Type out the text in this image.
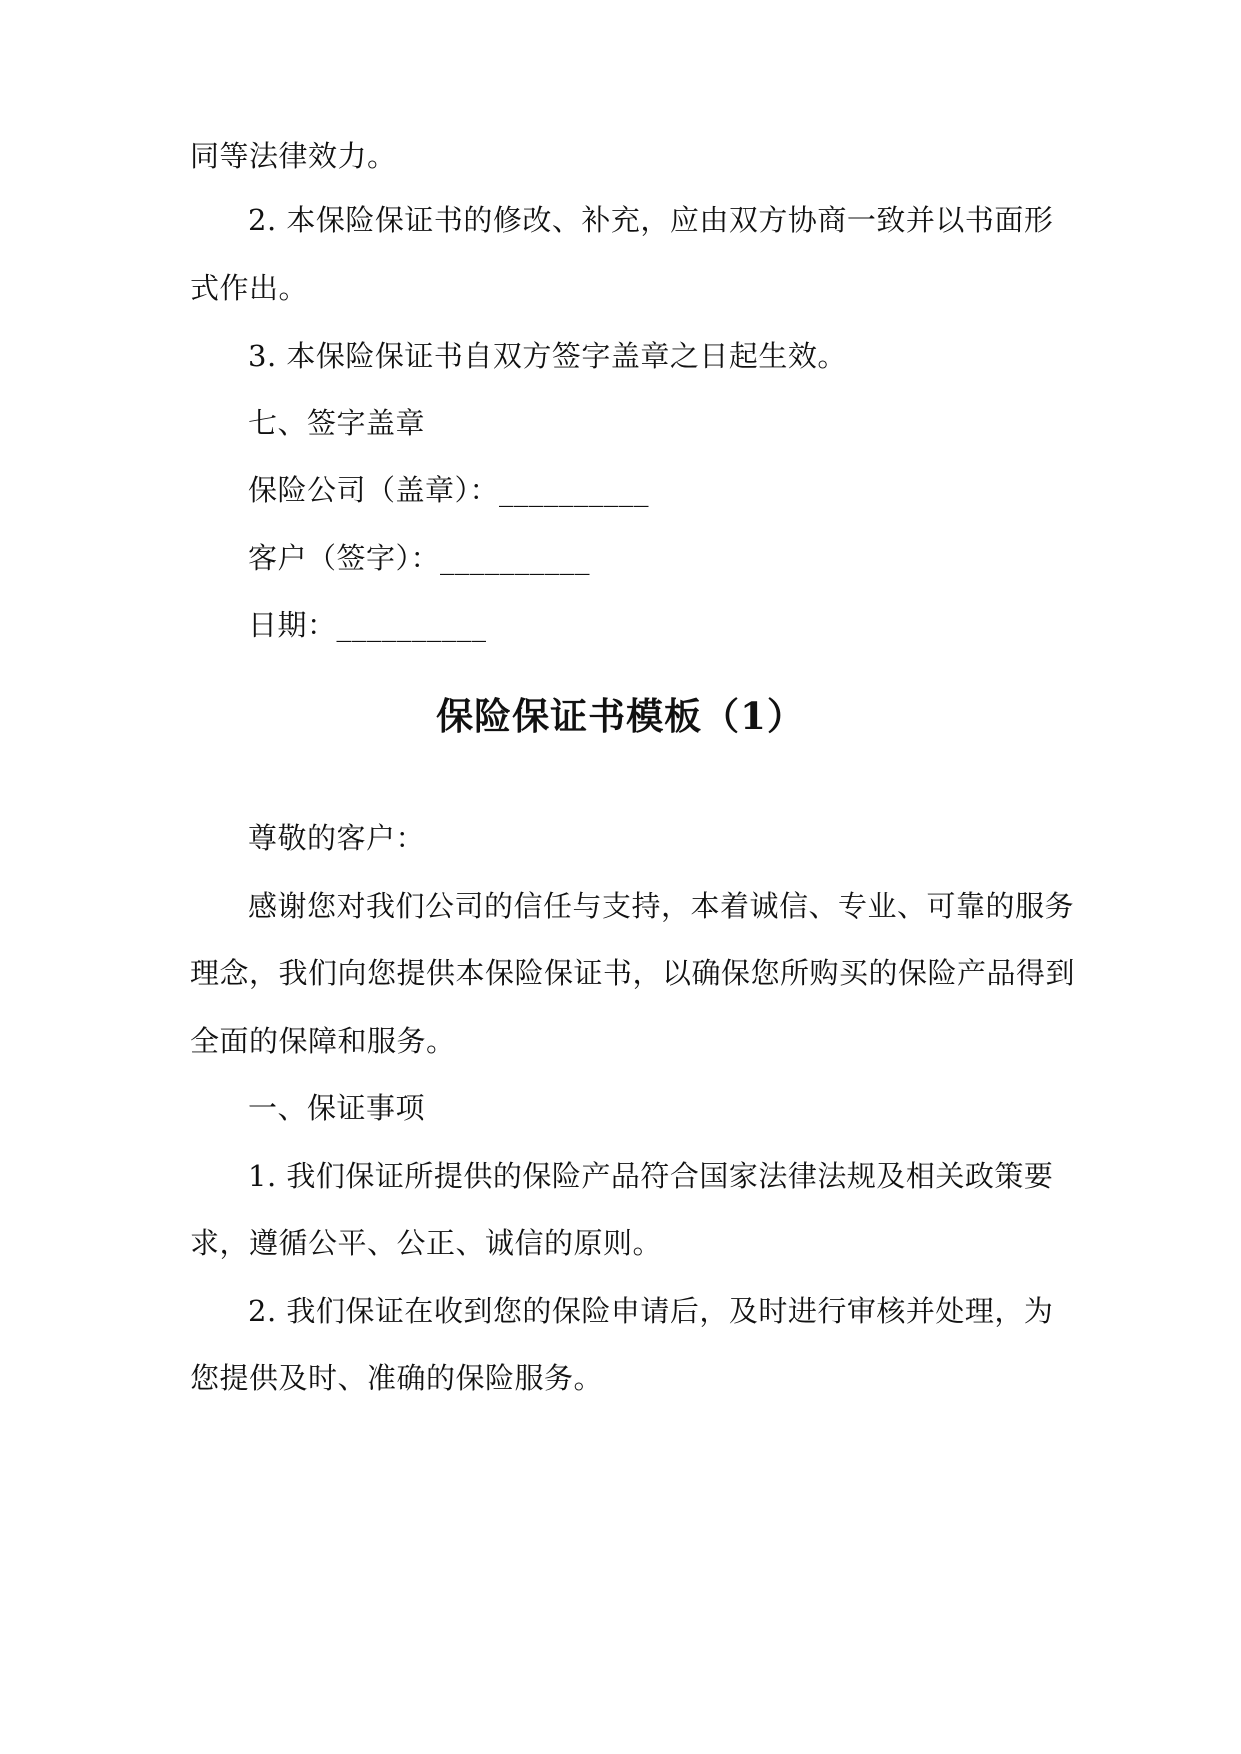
同等法律效力。
2. 本保险保证书的修改、补充，应由双方协商一致并以书面形
式作出。
3. 本保险保证书自双方签字盖章之日起生效。
七、签字盖章
保险公司（盖章）：__________
客户（签字）：__________
日期：__________
保险保证书模板（1）
尊敬的客户：
感谢您对我们公司的信任与支持，本着诚信、专业、可靠的服务
理念，我们向您提供本保险保证书，以确保您所购买的保险产品得到
全面的保障和服务。
一、保证事项
1. 我们保证所提供的保险产品符合国家法律法规及相关政策要
求，遵循公平、公正、诚信的原则。
2. 我们保证在收到您的保险申请后，及时进行审核并处理，为
您提供及时、准确的保险服务。
